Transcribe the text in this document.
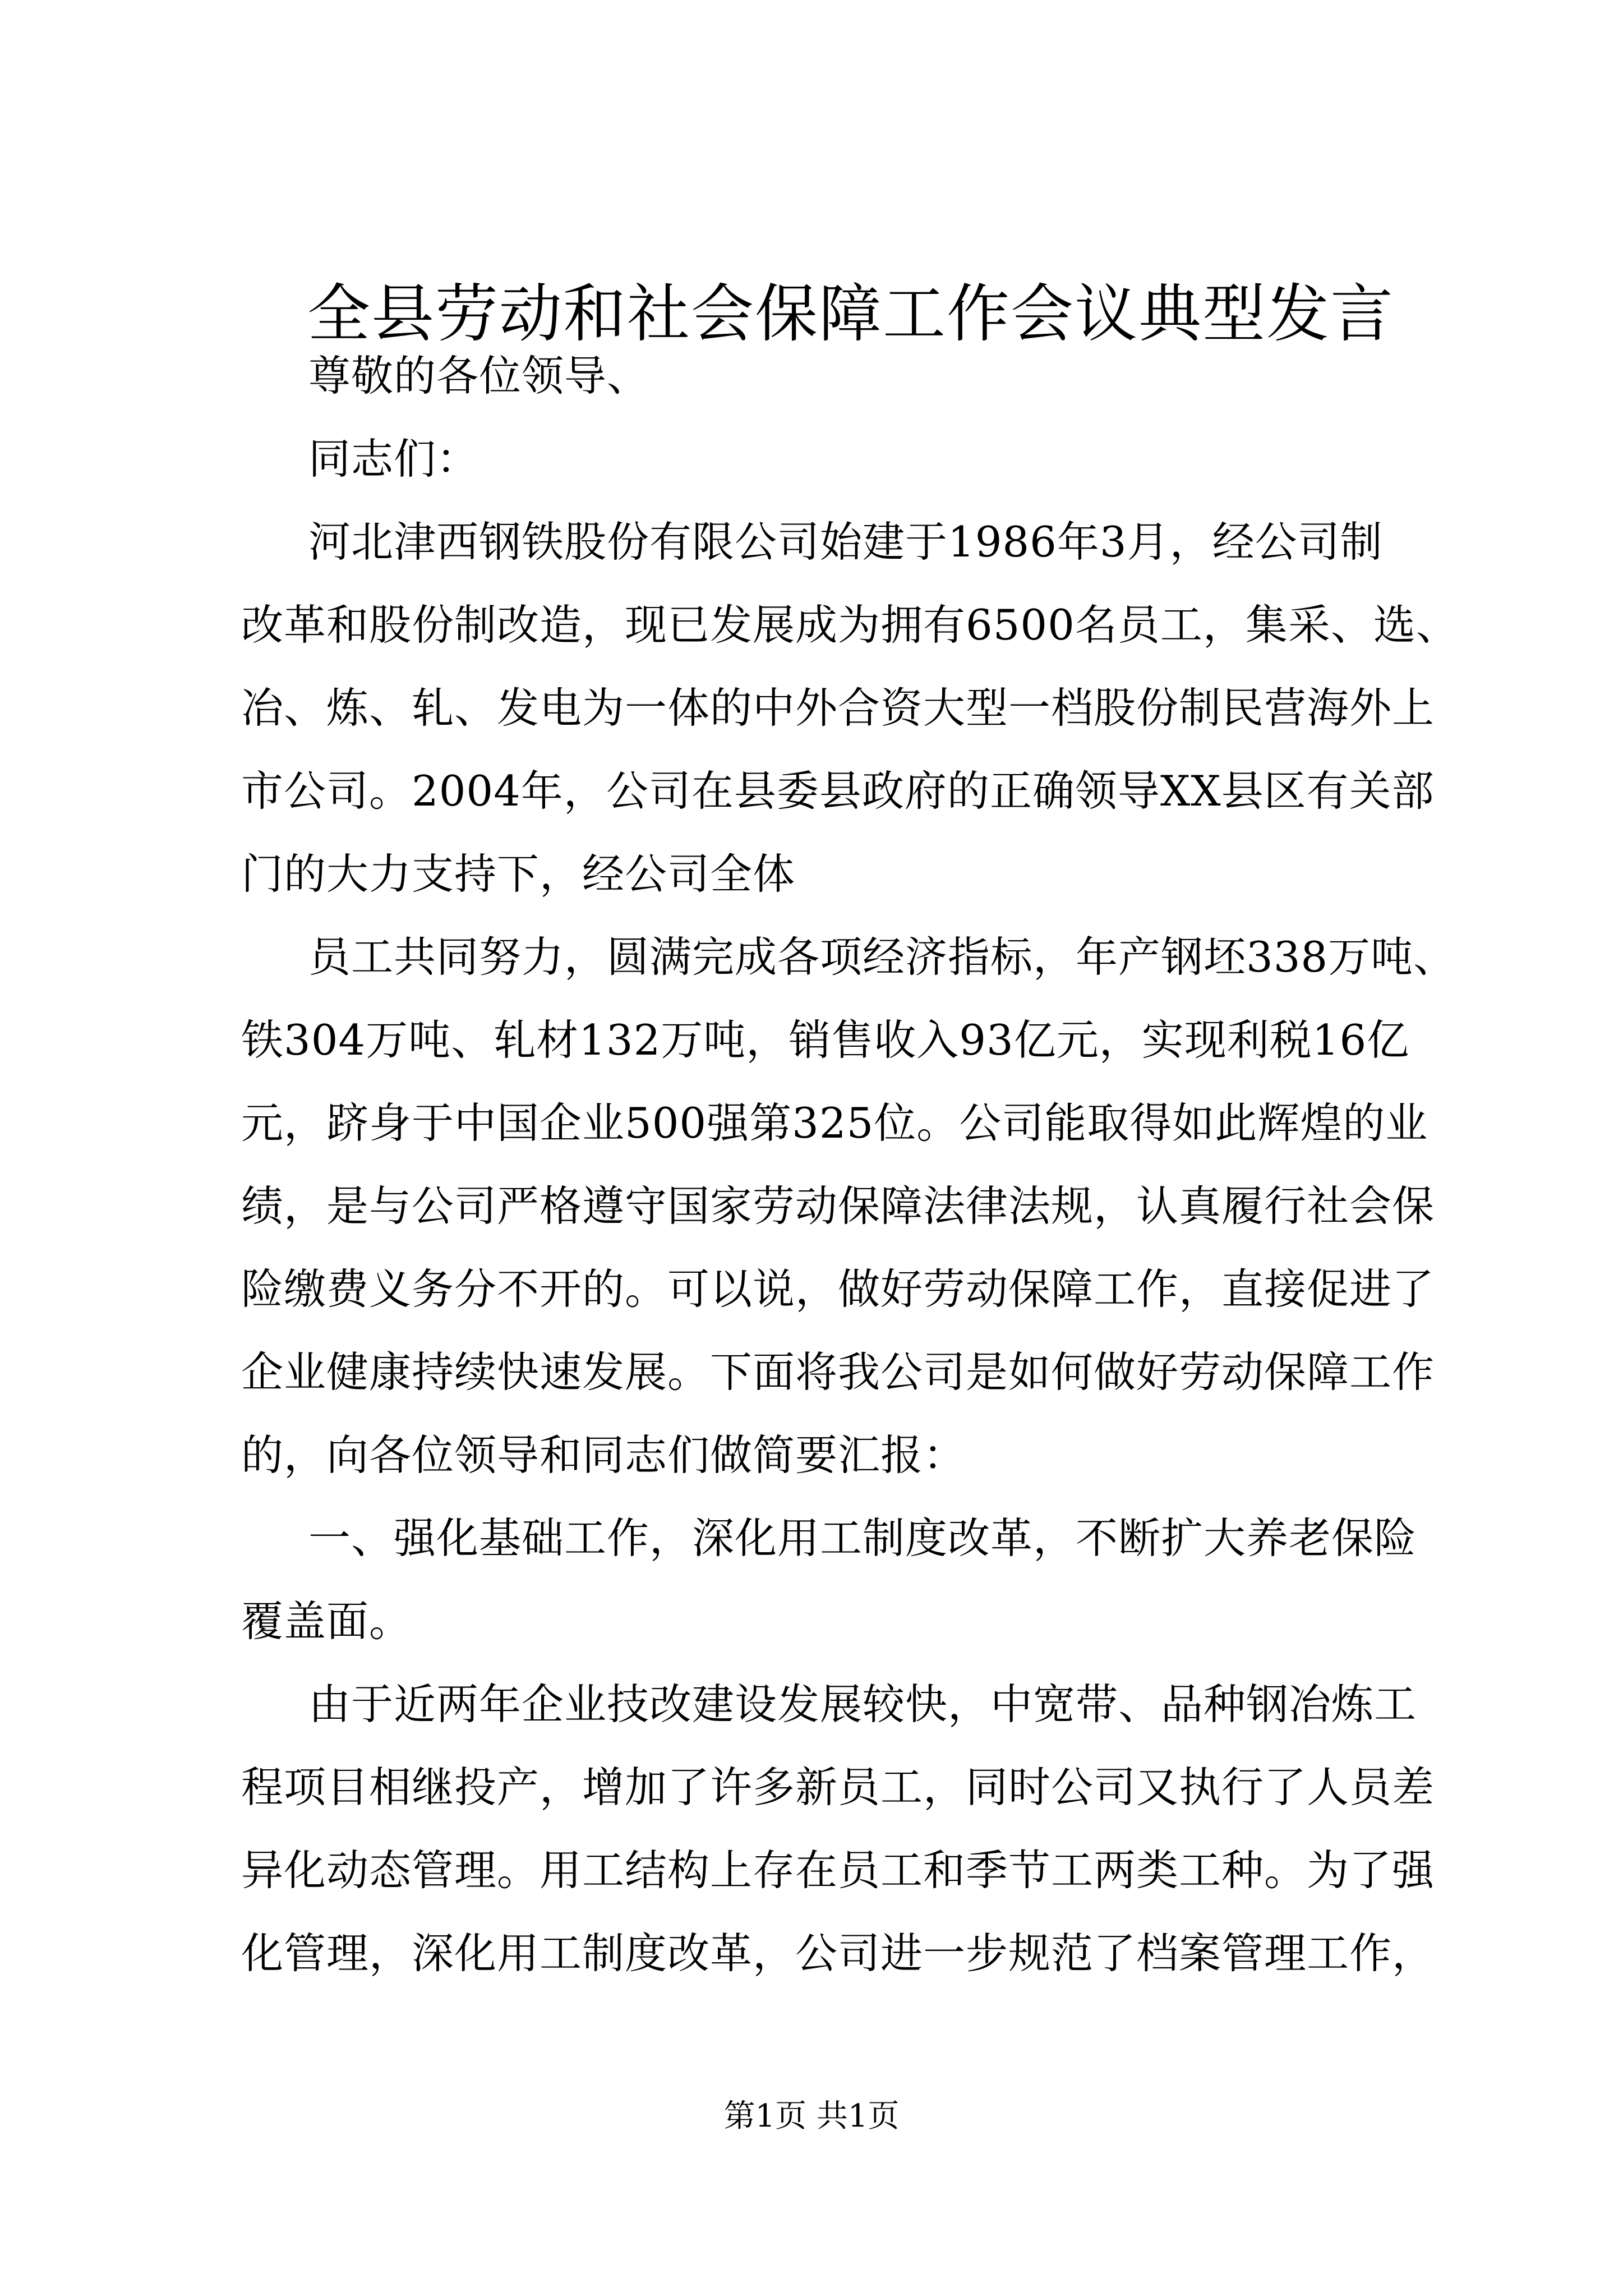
全县劳动和社会保障工作会议典型发言
尊敬的各位领导、
同志们：
河北津西钢铁股份有限公司始建于1986年3月，经公司制
改革和股份制改造，现已发展成为拥有6500名员工，集采、选、
冶、炼、轧、发电为一体的中外合资大型一档股份制民营海外上
市公司。2004年，公司在县委县政府的正确领导XX县区有关部
门的大力支持下，经公司全体
员工共同努力，圆满完成各项经济指标，年产钢坯338万吨、
铁304万吨、轧材132万吨，销售收入93亿元，实现利税16亿
元，跻身于中国企业500强第325位。公司能取得如此辉煌的业
绩，是与公司严格遵守国家劳动保障法律法规，认真履行社会保
险缴费义务分不开的。可以说，做好劳动保障工作，直接促进了
企业健康持续快速发展。下面将我公司是如何做好劳动保障工作
的，向各位领导和同志们做简要汇报：
一、强化基础工作，深化用工制度改革，不断扩大养老保险
覆盖面。
由于近两年企业技改建设发展较快，中宽带、品种钢冶炼工
程项目相继投产，增加了许多新员工，同时公司又执行了人员差
异化动态管理。用工结构上存在员工和季节工两类工种。为了强
化管理，深化用工制度改革，公司进一步规范了档案管理工作，
第1页 共1页
